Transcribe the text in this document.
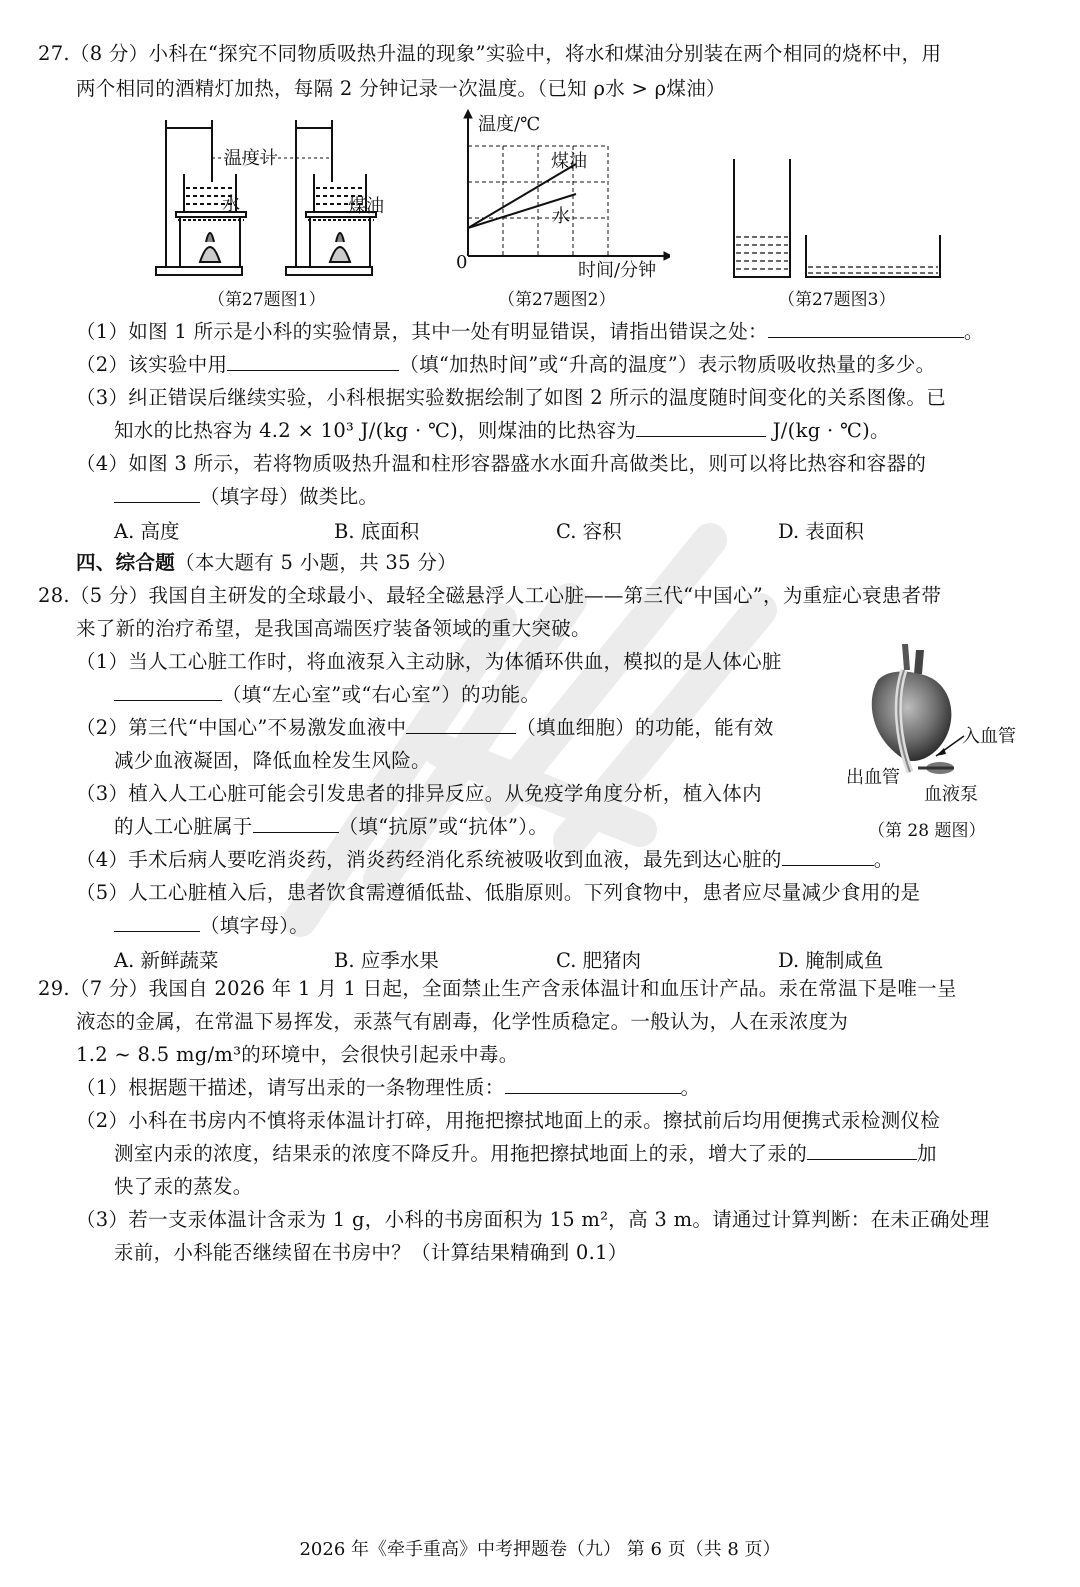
27.（8 分）小科在“探究不同物质吸热升温的现象”实验中，将水和煤油分别装在两个相同的烧杯中，用
两个相同的酒精灯加热，每隔 2 分钟记录一次温度。（已知 ρ水 > ρ煤油）
温度计
水	煤油
（第27题图1）
温度/℃
煤油
水
0	时间/分钟
（第27题图2）	（第27题图3）
（1）如图 1 所示是小科的实验情景，其中一处有明显错误，请指出错误之处：	。
（2）该实验中用	（填“加热时间”或“升高的温度”）表示物质吸收热量的多少。
（3）纠正错误后继续实验，小科根据实验数据绘制了如图 2 所示的温度随时间变化的关系图像。已
知水的比热容为 4.2 × 10³ J/(kg · ℃)，则煤油的比热容为	J/(kg · ℃)。
（4）如图 3 所示，若将物质吸热升温和柱形容器盛水水面升高做类比，则可以将比热容和容器的
（填字母）做类比。
A. 高度	B. 底面积	C. 容积	D. 表面积
四、综合题（本大题有 5 小题，共 35 分）
28.（5 分）我国自主研发的全球最小、最轻全磁悬浮人工心脏——第三代“中国心”，为重症心衰患者带
来了新的治疗希望，是我国高端医疗装备领域的重大突破。
（1）当人工心脏工作时，将血液泵入主动脉，为体循环供血，模拟的是人体心脏
（填“左心室”或“右心室”）的功能。
（2）第三代“中国心”不易激发血液中	（填血细胞）的功能，能有效
减少血液凝固，降低血栓发生风险。
（3）植入人工心脏可能会引发患者的排异反应。从免疫学角度分析，植入体内
的人工心脏属于	（填“抗原”或“抗体”）。
入血管
出血管
血液泵
（第 28 题图）
（4）手术后病人要吃消炎药，消炎药经消化系统被吸收到血液，最先到达心脏的	。
（5）人工心脏植入后，患者饮食需遵循低盐、低脂原则。下列食物中，患者应尽量减少食用的是
（填字母）。
A. 新鲜蔬菜	B. 应季水果	C. 肥猪肉	D. 腌制咸鱼
29.（7 分）我国自 2026 年 1 月 1 日起，全面禁止生产含汞体温计和血压计产品。汞在常温下是唯一呈
液态的金属，在常温下易挥发，汞蒸气有剧毒，化学性质稳定。一般认为，人在汞浓度为
1.2 ~ 8.5 mg/m³的环境中，会很快引起汞中毒。
（1）根据题干描述，请写出汞的一条物理性质：	。
（2）小科在书房内不慎将汞体温计打碎，用拖把擦拭地面上的汞。擦拭前后均用便携式汞检测仪检
测室内汞的浓度，结果汞的浓度不降反升。用拖把擦拭地面上的汞，增大了汞的	加
快了汞的蒸发。
（3）若一支汞体温计含汞为 1 g，小科的书房面积为 15 m²，高 3 m。请通过计算判断：在未正确处理
汞前，小科能否继续留在书房中？（计算结果精确到 0.1）
2026 年《牵手重高》中考押题卷（九） 第 6 页（共 8 页）
